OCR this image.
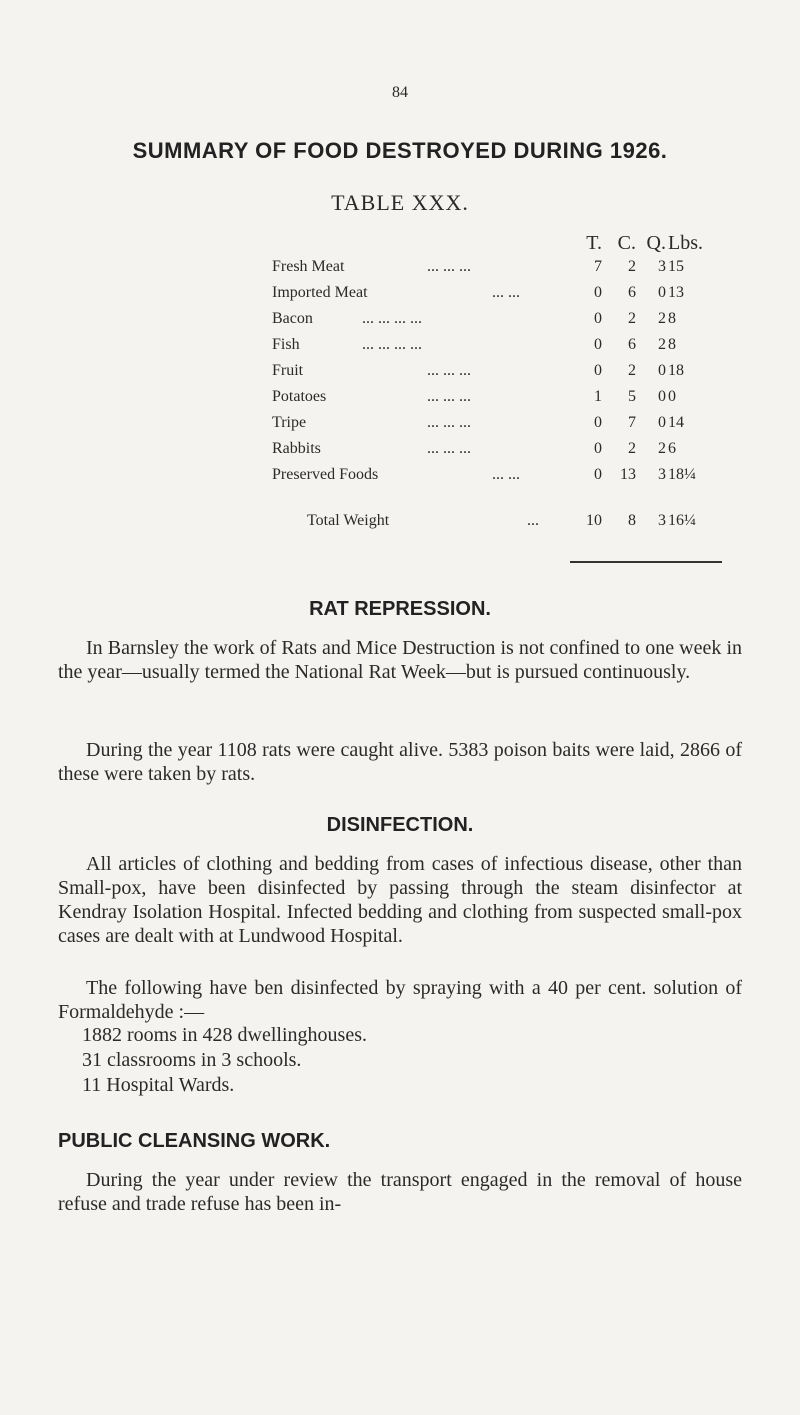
84
SUMMARY OF FOOD DESTROYED DURING 1926.
TABLE XXX.
T. C. Q. Lbs.
Fresh Meat	... ... ...	7	2	3 15
Imported Meat	... ...	0	6	0 13
Bacon	... ... ... ...	0	2	2 8
Fish	... ... ... ...	0	6	2 8
Fruit	... ... ...	0	2	0 18
Potatoes	... ... ...	1	5	0 0
Tripe	... ... ...	0	7	0 14
Rabbits	... ... ...	0	2	2 6
Preserved Foods	... ...	0	13	3 18¼
Total Weight	...	10	8	3 16¼
RAT REPRESSION.
In Barnsley the work of Rats and Mice Destruction is not confined to one week in the year—usually termed the National Rat Week—but is pursued continuously.
During the year 1108 rats were caught alive. 5383 poison baits were laid, 2866 of these were taken by rats.
DISINFECTION.
All articles of clothing and bedding from cases of infectious disease, other than Small-pox, have been disinfected by passing through the steam disinfector at Kendray Isolation Hospital. Infected bedding and clothing from suspected small-pox cases are dealt with at Lundwood Hospital.
The following have ben disinfected by spraying with a 40 per cent. solution of Formaldehyde :—
1882 rooms in 428 dwellinghouses.
31 classrooms in 3 schools.
11 Hospital Wards.
PUBLIC CLEANSING WORK.
During the year under review the transport engaged in the removal of house refuse and trade refuse has been in-
